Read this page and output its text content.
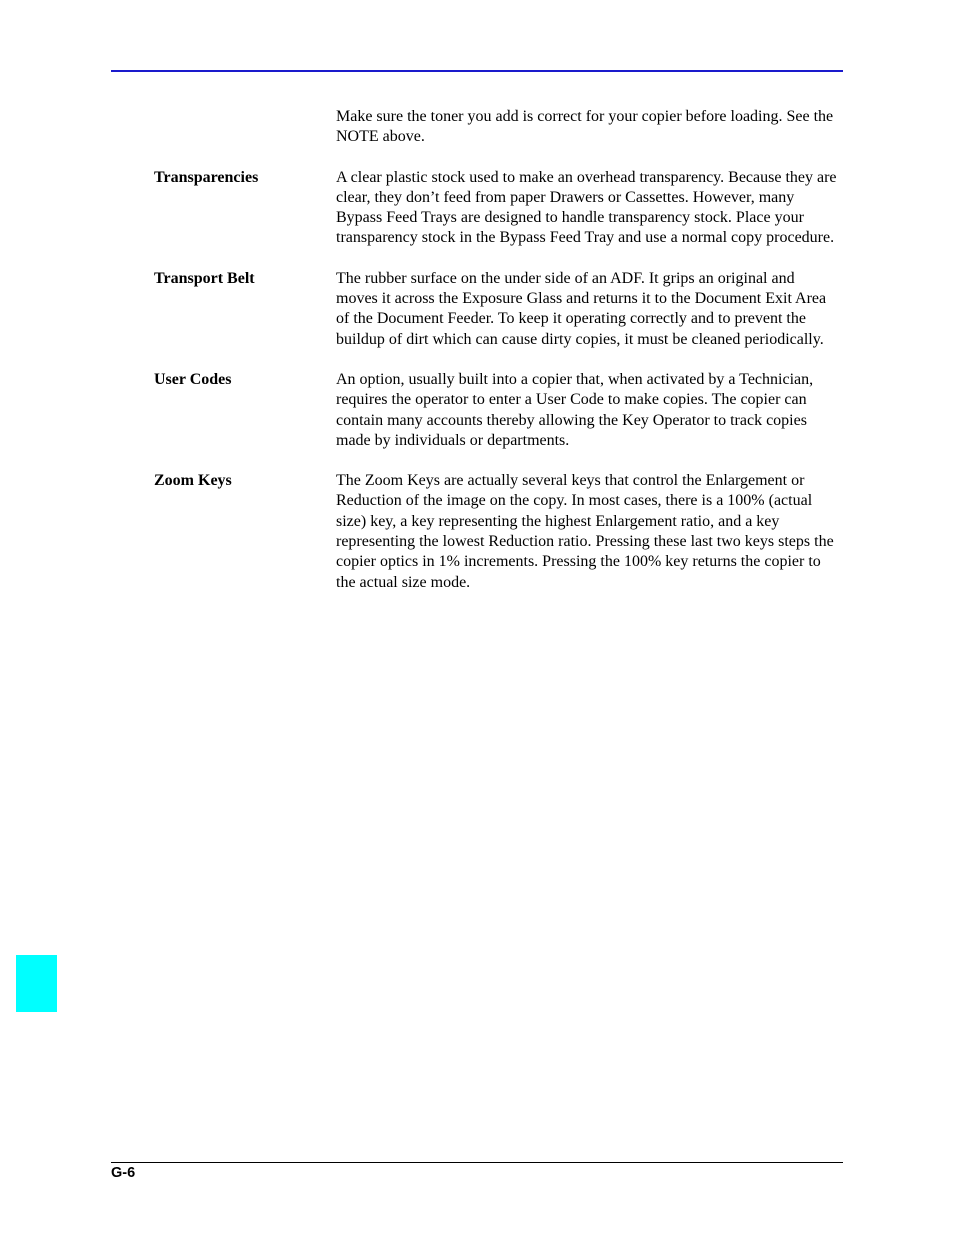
Make sure the toner you add is correct for your copier before loading. See the NOTE above.
Transparencies	A clear plastic stock used to make an overhead transparency. Because they are clear, they don’t feed from paper Drawers or Cassettes. However, many Bypass Feed Trays are designed to handle transparency stock. Place your transparency stock in the Bypass Feed Tray and use a normal copy procedure.
Transport Belt	The rubber surface on the under side of an ADF. It grips an original and moves it across the Exposure Glass and returns it to the Document Exit Area of the Document Feeder. To keep it operating correctly and to prevent the buildup of dirt which can cause dirty copies, it must be cleaned periodically.
User Codes	An option, usually built into a copier that, when activated by a Technician, requires the operator to enter a User Code to make copies. The copier can contain many accounts thereby allowing the Key Operator to track copies made by individuals or departments.
Zoom Keys	The Zoom Keys are actually several keys that control the Enlargement or Reduction of the image on the copy. In most cases, there is a 100% (actual size) key, a key representing the highest Enlargement ratio, and a key representing the lowest Reduction ratio. Pressing these last two keys steps the copier optics in 1% increments. Pressing the 100% key returns the copier to the actual size mode.
G-6
